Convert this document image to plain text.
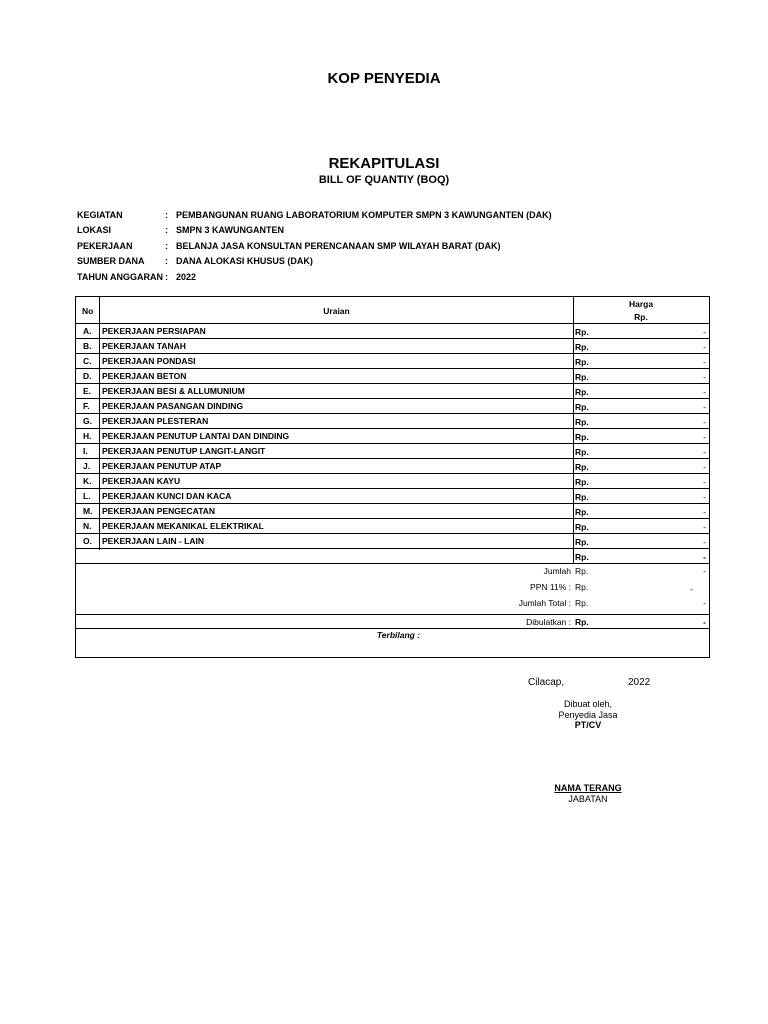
KOP PENYEDIA
REKAPITULASI
BILL OF QUANTIY (BOQ)
KEGIATAN	: PEMBANGUNAN RUANG LABORATORIUM KOMPUTER SMPN 3 KAWUNGANTEN (DAK)
LOKASI	: SMPN 3 KAWUNGANTEN
PEKERJAAN	: BELANJA JASA KONSULTAN PERENCANAAN SMP WILAYAH BARAT (DAK)
SUMBER DANA	: DANA ALOKASI KHUSUS (DAK)
TAHUN ANGGARAN : 2022
No	Uraian
Harga
Rp.
A. PEKERJAAN PERSIAPAN	Rp.	-
B. PEKERJAAN TANAH	Rp.	-
C. PEKERJAAN PONDASI	Rp.	-
D. PEKERJAAN BETON	Rp.	-
E. PEKERJAAN BESI & ALLUMUNIUM	Rp.	-
F. PEKERJAAN PASANGAN DINDING	Rp.	-
G. PEKERJAAN PLESTERAN	Rp.	-
H. PEKERJAAN PENUTUP LANTAI DAN DINDING	Rp.	-
I. PEKERJAAN PENUTUP LANGIT-LANGIT	Rp.	-
J. PEKERJAAN PENUTUP ATAP	Rp.	-
K. PEKERJAAN KAYU	Rp.	-
L. PEKERJAAN KUNCI DAN KACA	Rp.	-
M. PEKERJAAN PENGECATAN	Rp.	-
N. PEKERJAAN MEKANIKAL ELEKTRIKAL	Rp.	-
O. PEKERJAAN LAIN - LAIN	Rp.	-
Rp.	-
Jumlah Rp.	-
PPN 11% : Rp.	-
Jumlah Total : Rp.	-
Dibulatkan : Rp.	-
Terbilang :
Cilacap,	2022
Dibuat oleh,
Penyedia Jasa
PT/CV
NAMA TERANG
JABATAN
